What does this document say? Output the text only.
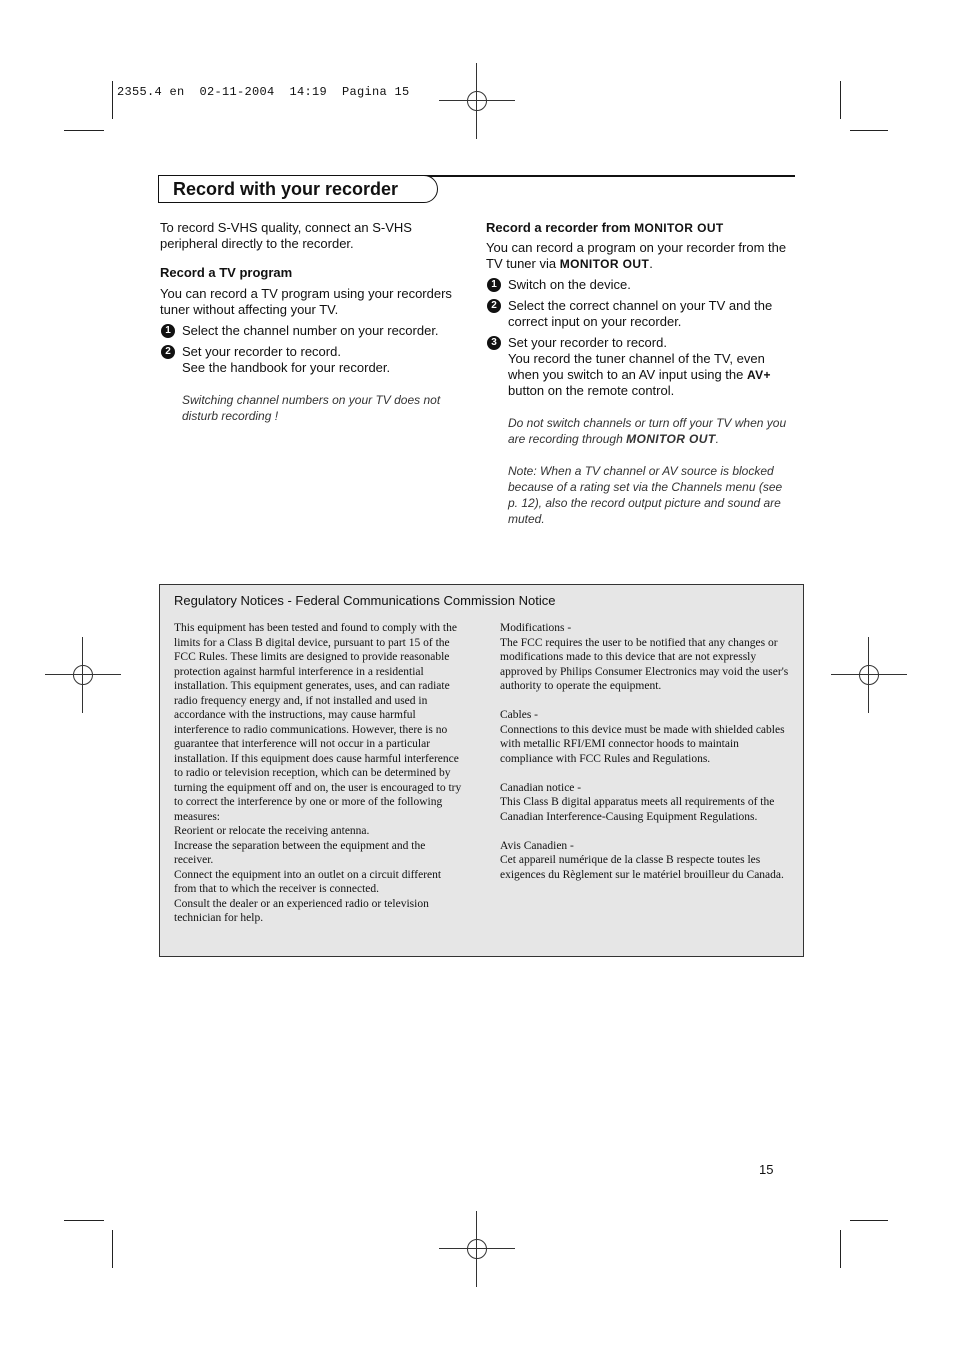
2355.4 en  02-11-2004  14:19  Pagina 15
Record with your recorder

To record S-VHS quality, connect an S-VHS peripheral directly to the recorder.

Record a TV program

You can record a TV program using your recorders tuner without affecting your TV.

1 Select the channel number on your recorder.
2 Set your recorder to record.

See the handbook for your recorder.

Switching channel numbers on your TV does not disturb recording !

Record a recorder from MONITOR OUT

You can record a program on your recorder from the TV tuner via MONITOR OUT.

1 Switch on the device.
2 Select the correct channel on your TV and the correct input on your recorder.
3 Set your recorder to record.

You record the tuner channel of the TV, even when you switch to an AV input using the AV+ button on the remote control.

Do not switch channels or turn off your TV when you are recording through MONITOR OUT.

Note: When a TV channel or AV source is blocked because of a rating set via the Channels menu (see p. 12), also the record output picture and sound are muted.

Regulatory Notices - Federal Communications Commission Notice

This equipment has been tested and found to comply with the limits for a Class B digital device, pursuant to part 15 of the FCC Rules. These limits are designed to provide reasonable protection against harmful interference in a residential installation. This equipment generates, uses, and can radiate radio frequency energy and, if not installed and used in accordance with the instructions, may cause harmful interference to radio communications. However, there is no guarantee that interference will not occur in a particular installation. If this equipment does cause harmful interference to radio or television reception, which can be determined by turning the equipment off and on, the user is encouraged to try to correct the interference by one or more of the following measures:

Reorient or relocate the receiving antenna.

Increase the separation between the equipment and the receiver.

Connect the equipment into an outlet on a circuit different from that to which the receiver is connected.

Consult the dealer or an experienced radio or television technician for help.

Modifications -

The FCC requires the user to be notified that any changes or modifications made to this device that are not expressly approved by Philips Consumer Electronics may void the user's authority to operate the equipment.

Cables -

Connections to this device must be made with shielded cables with metallic RFI/EMI connector hoods to maintain compliance with FCC Rules and Regulations.

Canadian notice -

This Class B digital apparatus meets all requirements of the Canadian Interference-Causing Equipment Regulations.

Avis Canadien -

Cet appareil numérique de la classe B respecte toutes les exigences du Règlement sur le matériel brouilleur du Canada.

15
